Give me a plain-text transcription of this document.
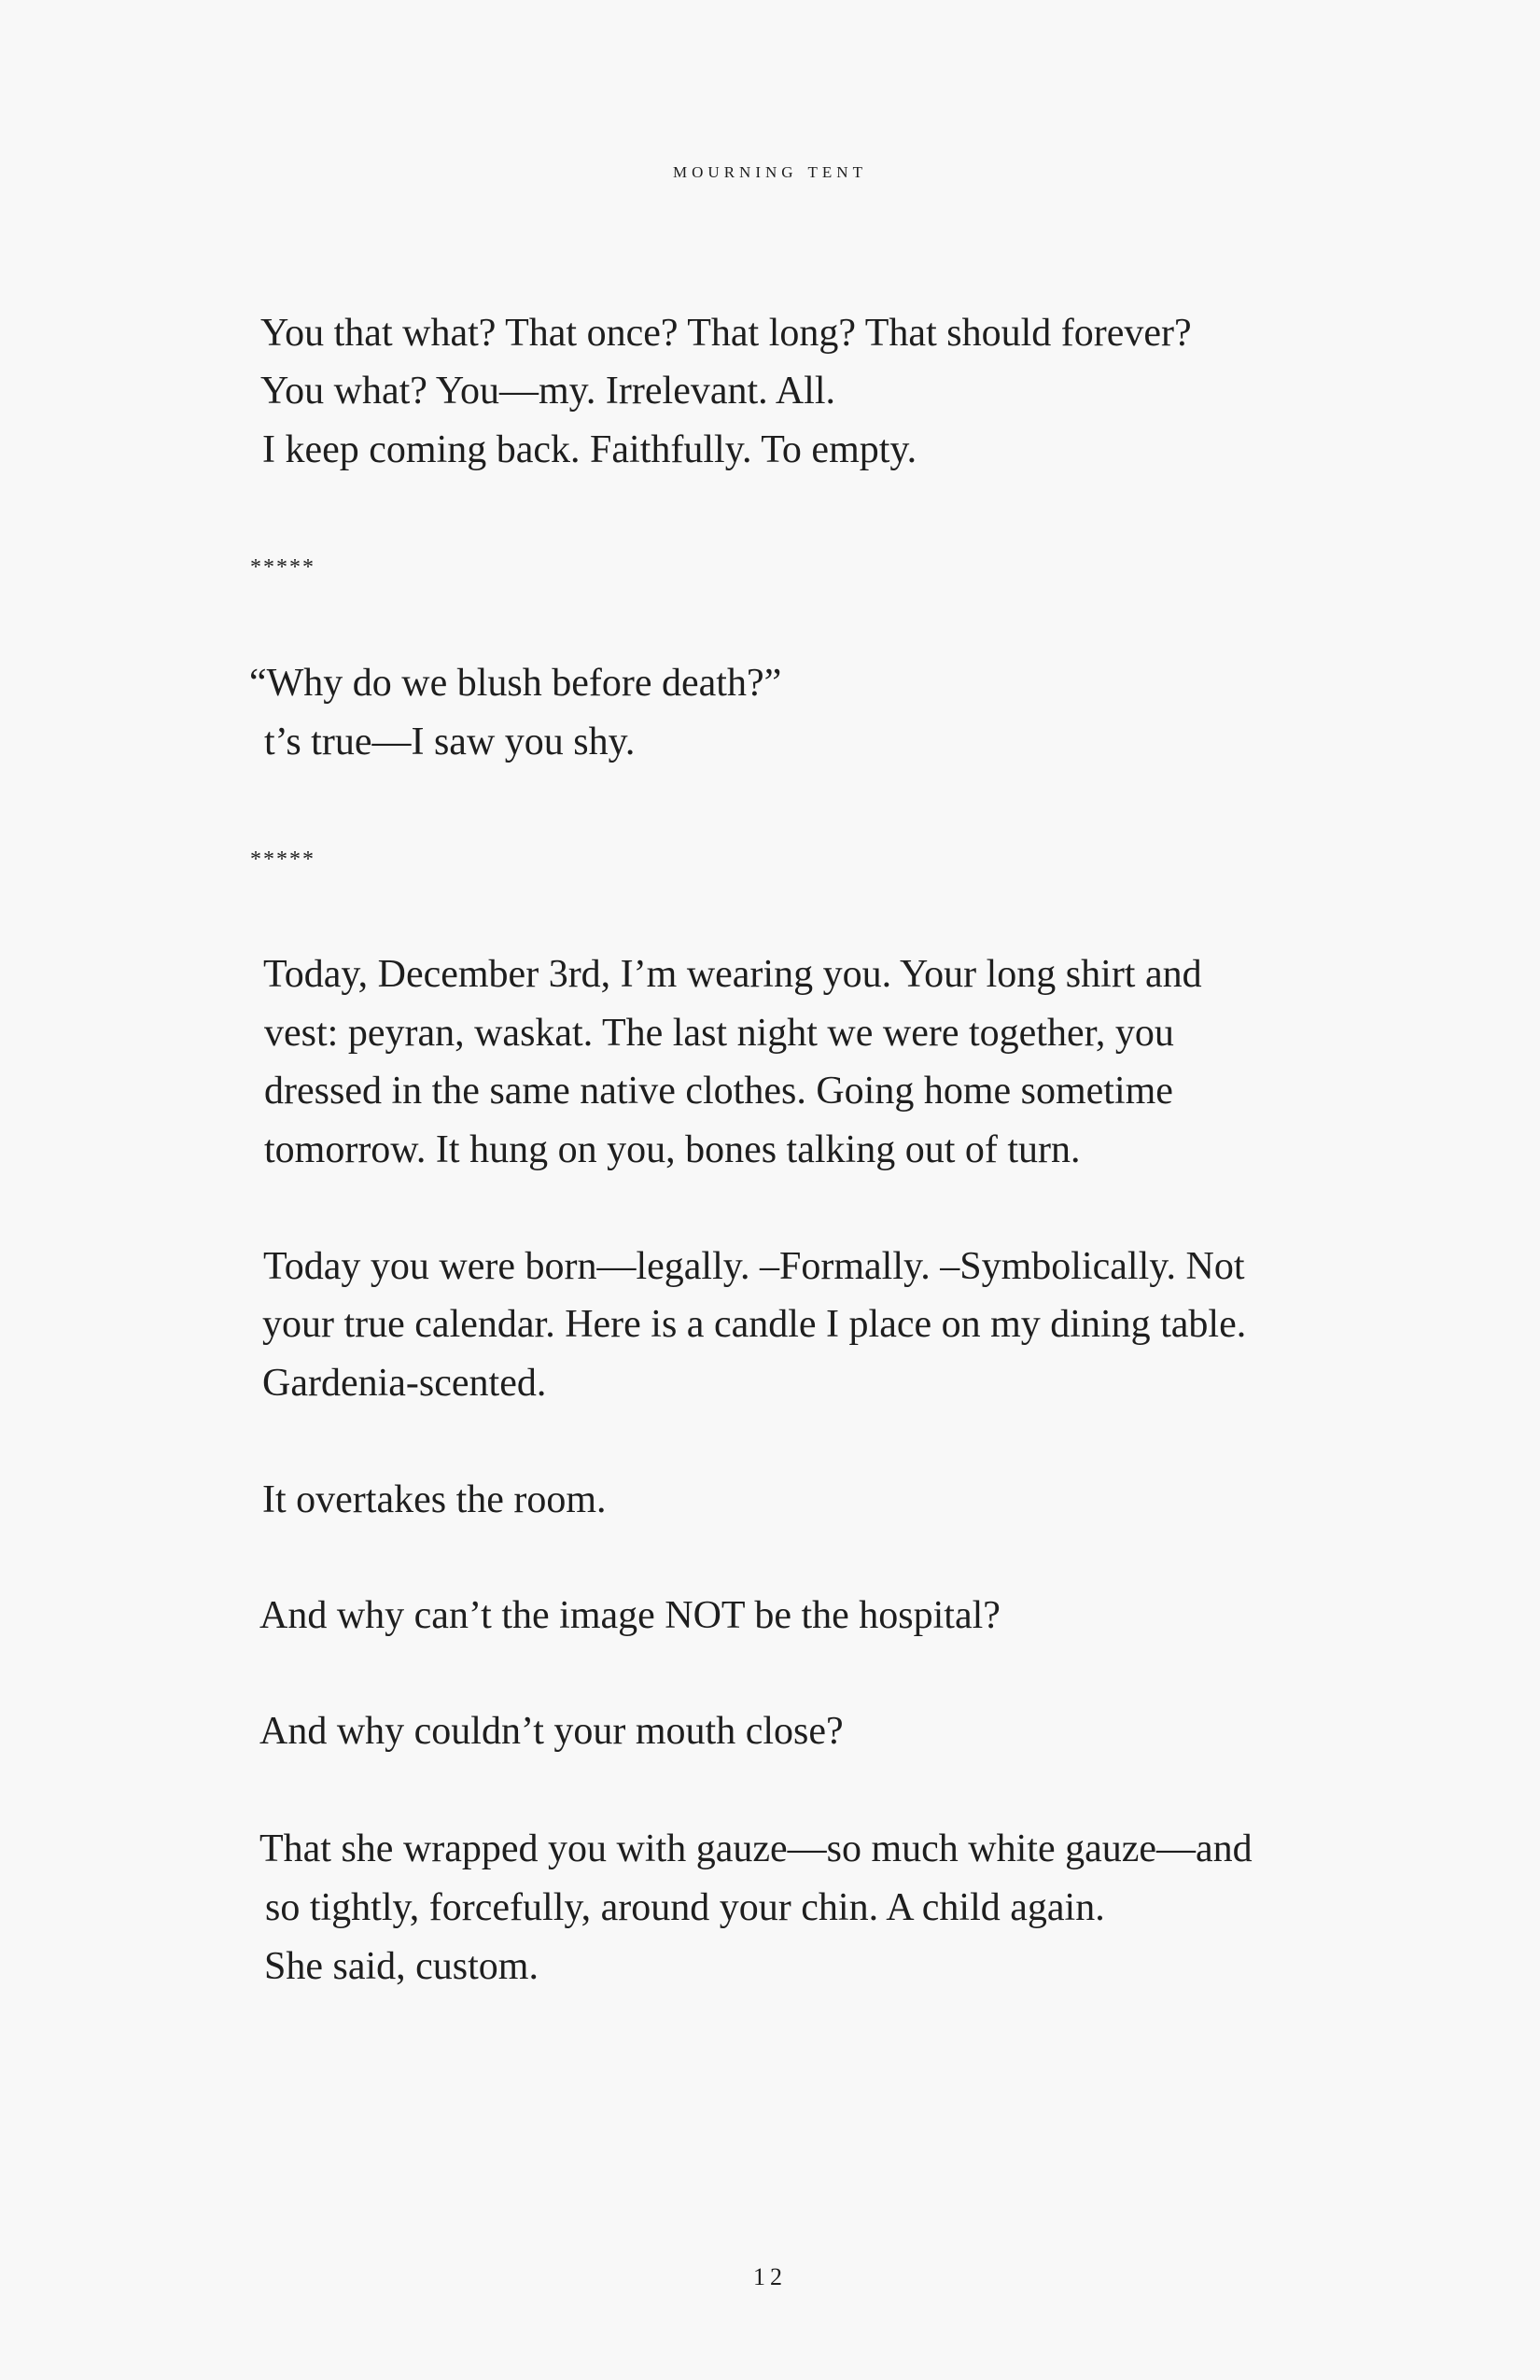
mourning tent
You that what? That once? That long? That should forever?
You what? You—my. Irrelevant. All.
I keep coming back. Faithfully. To empty.
*****
“Why do we blush before death?”
t’s true—I saw you shy.
*****
Today, December 3rd, I’m wearing you. Your long shirt and
vest: peyran, waskat. The last night we were together, you
dressed in the same native clothes. Going home sometime
tomorrow. It hung on you, bones talking out of turn.
Today you were born—legally. –Formally. –Symbolically. Not
your true calendar. Here is a candle I place on my dining table.
Gardenia-scented.
It overtakes the room.
And why can’t the image NOT be the hospital?
And why couldn’t your mouth close?
That she wrapped you with gauze—so much white gauze—and
so tightly, forcefully, around your chin. A child again.
She said, custom.
12
